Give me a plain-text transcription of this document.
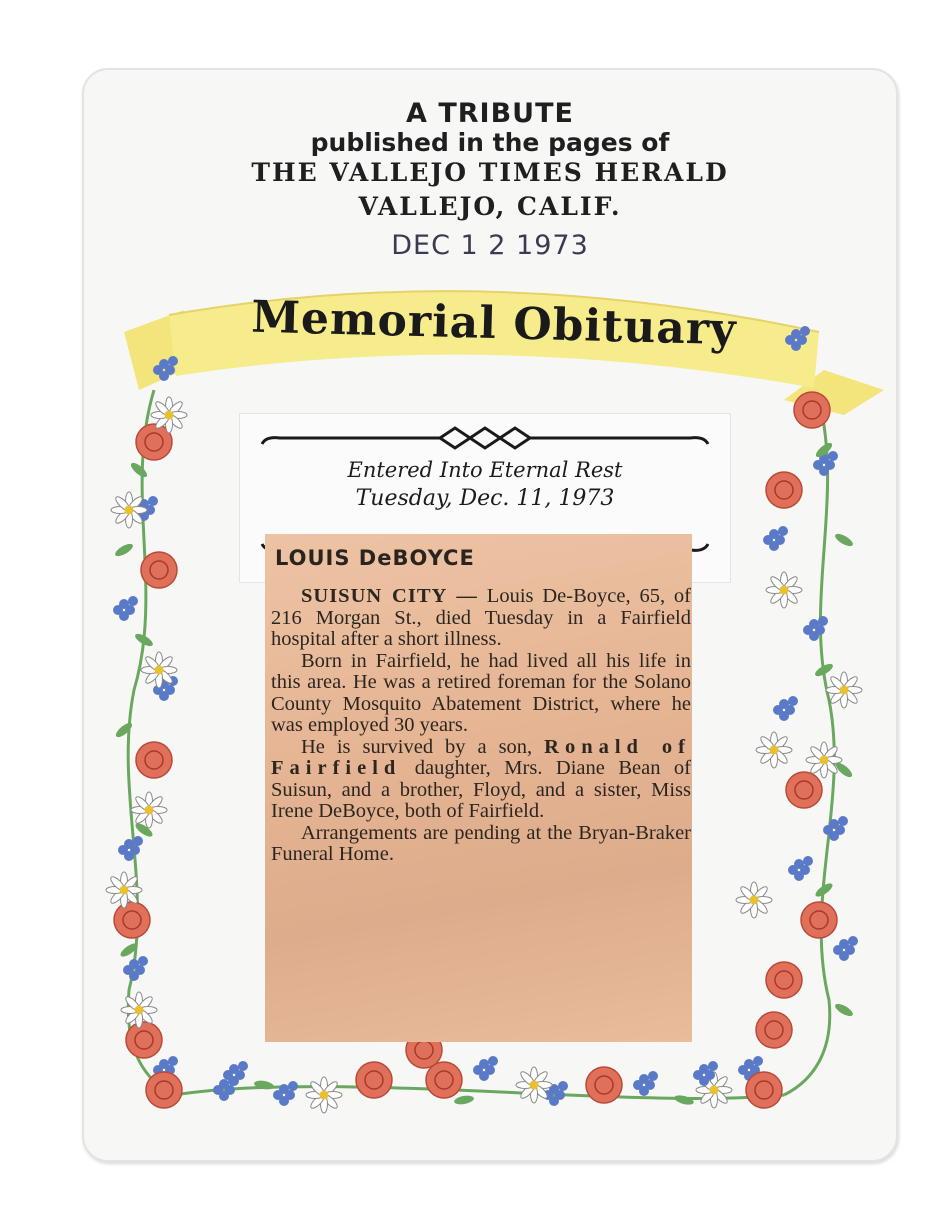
A TRIBUTE
published in the pages of
THE VALLEJO TIMES HERALD
VALLEJO, CALIF.
DEC 1 2 1973
Memorial Obituary
Entered Into Eternal Rest
Tuesday, Dec. 11, 1973
LOUIS DeBOYCE

SUISUN CITY — Louis De-Boyce, 65, of 216 Morgan St., died Tuesday in a Fairfield hospital after a short illness.

Born in Fairfield, he had lived all his life in this area. He was a retired foreman for the Solano County Mosquito Abatement District, where he was employed 30 years.

He is survived by a son, Ronald of Fairfield daughter, Mrs. Diane Bean of Suisun, and a brother, Floyd, and a sister, Miss Irene DeBoyce, both of Fairfield.

Arrangements are pending at the Bryan-Braker Funeral Home.
